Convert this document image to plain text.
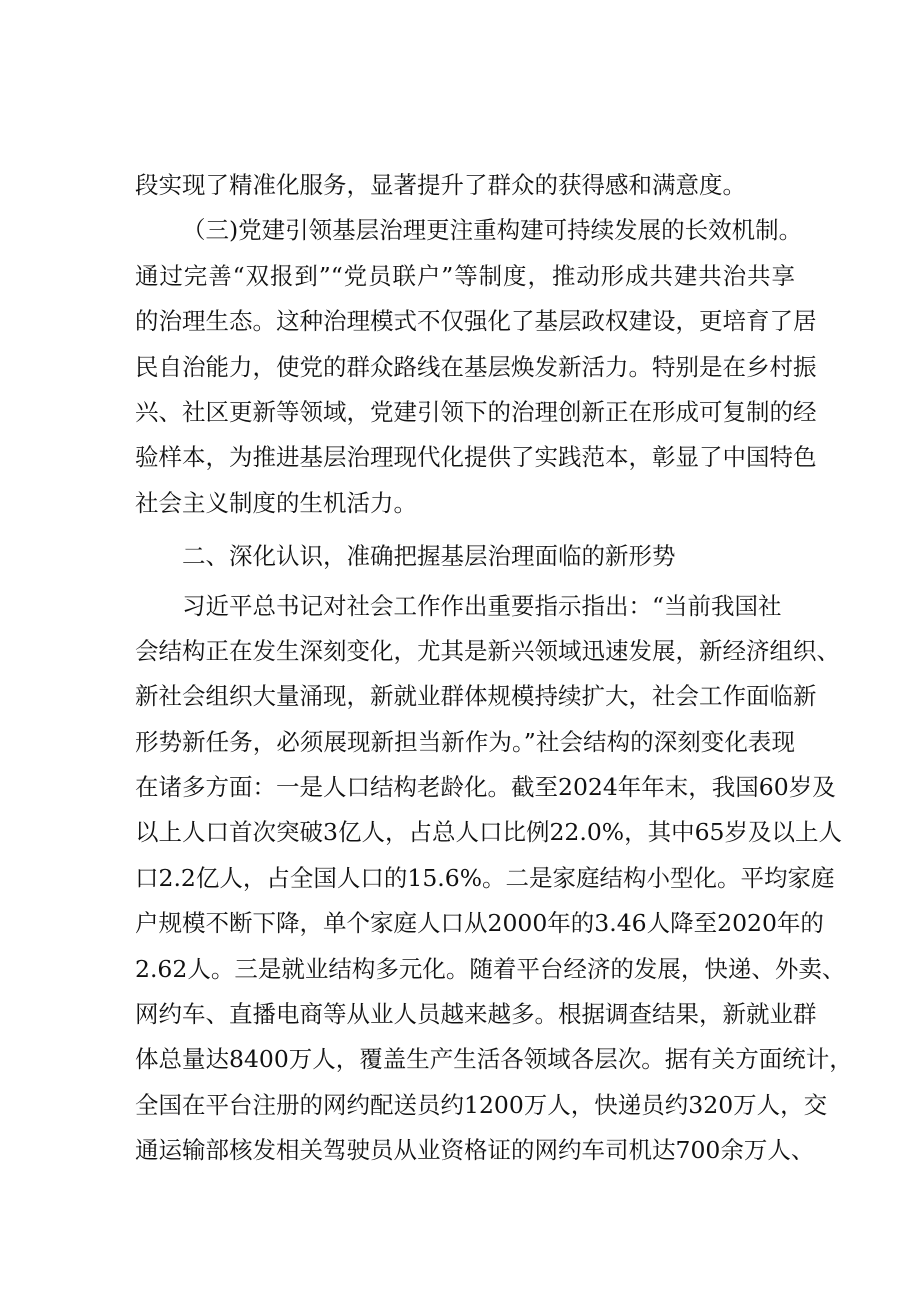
段实现了精准化服务，显著提升了群众的获得感和满意度。
（三)党建引领基层治理更注重构建可持续发展的长效机制。
通过完善“双报到”“党员联户”等制度，推动形成共建共治共享
的治理生态。这种治理模式不仅强化了基层政权建设，更培育了居
民自治能力，使党的群众路线在基层焕发新活力。特别是在乡村振
兴、社区更新等领域，党建引领下的治理创新正在形成可复制的经
验样本，为推进基层治理现代化提供了实践范本，彰显了中国特色
社会主义制度的生机活力。
二、深化认识，准确把握基层治理面临的新形势
习近平总书记对社会工作作出重要指示指出：“当前我国社
会结构正在发生深刻变化，尤其是新兴领域迅速发展，新经济组织、
新社会组织大量涌现，新就业群体规模持续扩大，社会工作面临新
形势新任务，必须展现新担当新作为。”社会结构的深刻变化表现
在诸多方面：一是人口结构老龄化。截至2024年年末，我国60岁及
以上人口首次突破3亿人，占总人口比例22.0%，其中65岁及以上人
口2.2亿人，占全国人口的15.6%。二是家庭结构小型化。平均家庭
户规模不断下降，单个家庭人口从2000年的3.46人降至2020年的
2.62人。三是就业结构多元化。随着平台经济的发展，快递、外卖、
网约车、直播电商等从业人员越来越多。根据调查结果，新就业群
体总量达8400万人，覆盖生产生活各领域各层次。据有关方面统计，
全国在平台注册的网约配送员约1200万人，快递员约320万人，交
通运输部核发相关驾驶员从业资格证的网约车司机达700余万人、
